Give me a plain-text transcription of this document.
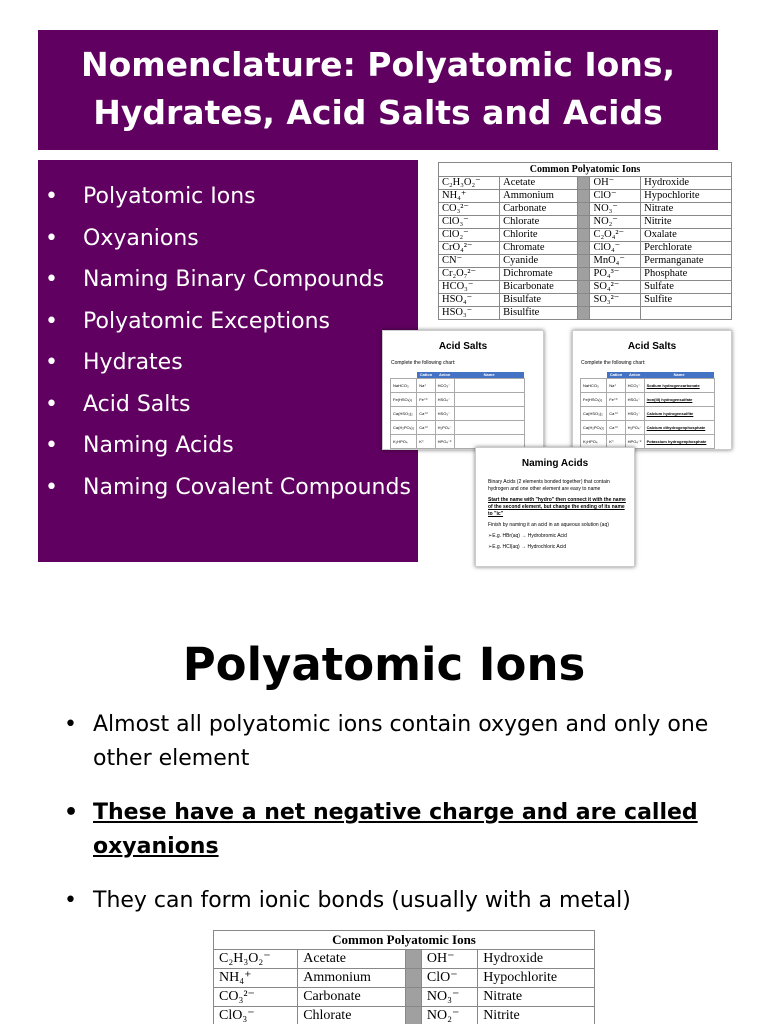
Nomenclature: Polyatomic Ions,
Hydrates, Acid Salts and Acids
• Polyatomic Ions
• Oxyanions
• Naming Binary Compounds
• Polyatomic Exceptions
• Hydrates
• Acid Salts
• Naming Acids
• Naming Covalent Compounds
Common Polyatomic Ions				
C₂H₃O₂⁻	Acetate		OH⁻	Hydroxide
NH₄⁺	Ammonium		ClO⁻	Hypochlorite
CO₃²⁻	Carbonate		NO₃⁻	Nitrate
ClO₃⁻	Chlorate		NO₂⁻	Nitrite
ClO₂⁻	Chlorite		C₂O₄²⁻	Oxalate
CrO₄²⁻	Chromate		ClO₄⁻	Perchlorate
CN⁻	Cyanide		MnO₄⁻	Permanganate
Cr₂O₇²⁻	Dichromate		PO₄³⁻	Phosphate
HCO₃⁻	Bicarbonate		SO₄²⁻	Sulfate
HSO₄⁻	Bisulfate		SO₃²⁻	Sulfite
HSO₃⁻	Bisulfite			
Acid Salts
Complete the following chart:
	Cation	Anion	Name
NaHCO₃	Na⁺	HCO₃⁻	
Fe(HSO₄)₃	Fe⁺³	HSO₄⁻	
Ca(HSO₃)₂	Ca⁺²	HSO₃⁻	
Ca(H₂PO₄)₂	Ca⁺²	H₂PO₄⁻	
K₂HPO₄	K⁺	HPO₄⁻²	
Acid Salts
Complete the following chart:
	Cation	Anion	Name
NaHCO₃	Na⁺	HCO₃⁻	Sodium hydrogencarbonate
Fe(HSO₄)₃	Fe⁺³	HSO₄⁻	Iron(III) hydrogensulfate
Ca(HSO₃)₂	Ca⁺²	HSO₃⁻	Calcium hydrogensulfite
Ca(H₂PO₄)₂	Ca⁺²	H₂PO₄⁻	Calcium dihydrogenphosphate
K₂HPO₄	K⁺	HPO₄⁻²	Potassium hydrogenphosphate
Naming Acids

Binary Acids (2 elements bonded together) that contain hydrogen and one other element are easy to name

Start the name with "hydro" then connect it with the name of the second element, but change the ending of its name to "ic"

Finish by naming it an acid in an aqueous solution (aq)

➢E.g. HBr(aq) → Hydrobromic Acid

➢E.g. HCl(aq) → Hydrochloric Acid

Polyatomic Ions
• Almost all polyatomic ions contain oxygen and only one other element
• These have a net negative charge and are called oxyanions
• They can form ionic bonds (usually with a metal)
Common Polyatomic Ions				
C₂H₃O₂⁻	Acetate		OH⁻	Hydroxide
NH₄⁺	Ammonium		ClO⁻	Hypochlorite
CO₃²⁻	Carbonate		NO₃⁻	Nitrate
ClO₃⁻	Chlorate		NO₂⁻	Nitrite
